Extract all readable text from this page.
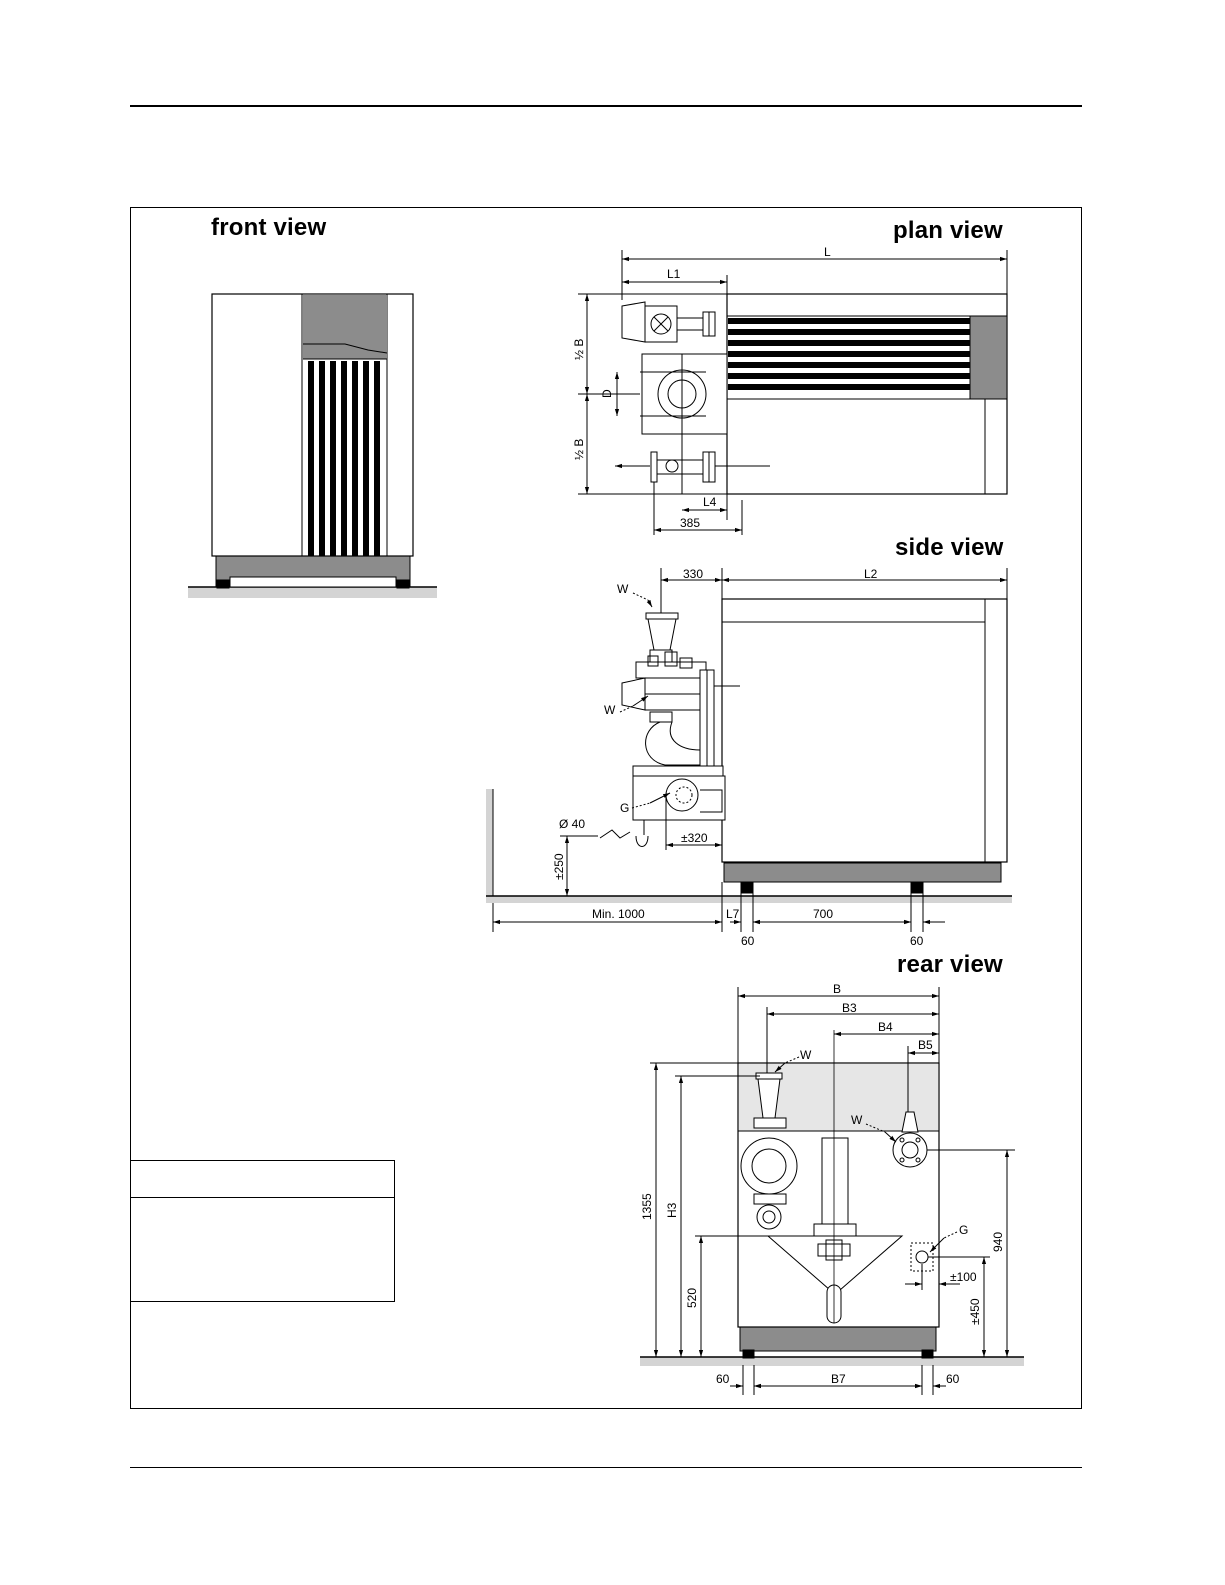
front view	plan view
side view
rear view
L
L1
½ B
½ B
D
L4
385
330	L2
W
W
G
Ø 40
±320
±250
Min. 1000	L7	700
60	60
B
B3
B4
B5
W
W
G
1355 H3
520
940
±450
±100
60	B7	60
